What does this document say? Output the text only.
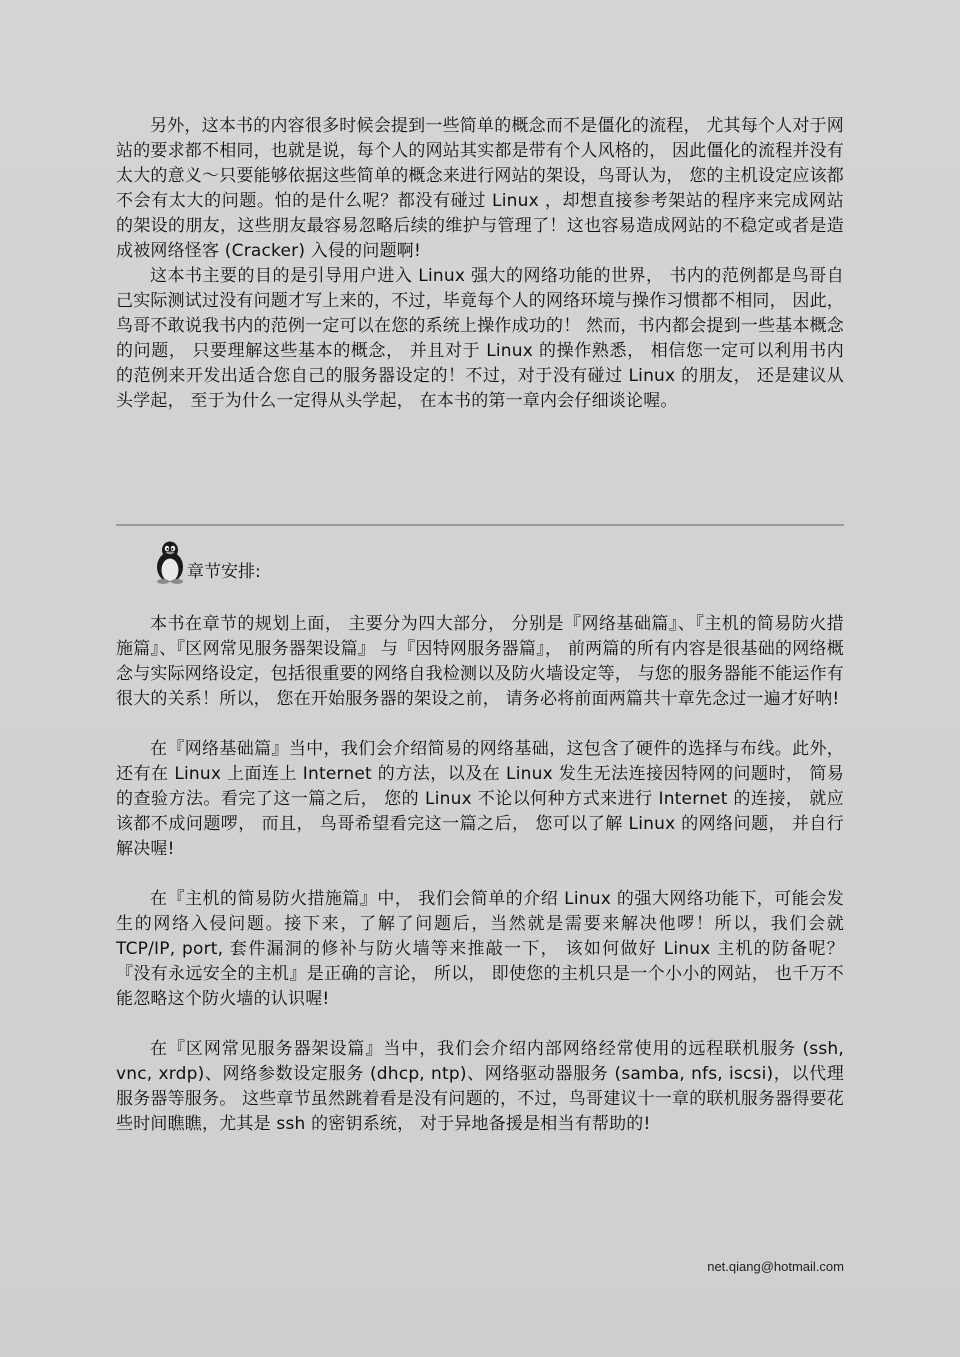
另外，这本书的内容很多时候会提到一些简单的概念而不是僵化的流程， 尤其每个人对于网站的要求都不相同，也就是说，每个人的网站其实都是带有个人风格的， 因此僵化的流程并没有太大的意义～只要能够依据这些简单的概念来进行网站的架设，鸟哥认为， 您的主机设定应该都不会有太大的问题。怕的是什么呢？都没有碰过 Linux ，却想直接参考架站的程序来完成网站的架设的朋友，这些朋友最容易忽略后续的维护与管理了！这也容易造成网站的不稳定或者是造成被网络怪客 (Cracker) 入侵的问题啊!

这本书主要的目的是引导用户进入 Linux 强大的网络功能的世界， 书内的范例都是鸟哥自己实际测试过没有问题才写上来的，不过，毕竟每个人的网络环境与操作习惯都不相同， 因此，鸟哥不敢说我书内的范例一定可以在您的系统上操作成功的！ 然而，书内都会提到一些基本概念的问题， 只要理解这些基本的概念， 并且对于 Linux 的操作熟悉， 相信您一定可以利用书内的范例来开发出适合您自己的服务器设定的！不过，对于没有碰过 Linux 的朋友， 还是建议从头学起， 至于为什么一定得从头学起， 在本书的第一章内会仔细谈论喔。

章节安排:

本书在章节的规划上面， 主要分为四大部分， 分别是『网络基础篇』、『主机的简易防火措施篇』、『区网常见服务器架设篇』 与『因特网服务器篇』， 前两篇的所有内容是很基础的网络概念与实际网络设定，包括很重要的网络自我检测以及防火墙设定等， 与您的服务器能不能运作有很大的关系！所以， 您在开始服务器的架设之前， 请务必将前面两篇共十章先念过一遍才好呐!

在『网络基础篇』当中，我们会介绍简易的网络基础，这包含了硬件的选择与布线。此外，还有在 Linux 上面连上 Internet 的方法，以及在 Linux 发生无法连接因特网的问题时， 简易的查验方法。看完了这一篇之后， 您的 Linux 不论以何种方式来进行 Internet 的连接， 就应该都不成问题啰， 而且， 鸟哥希望看完这一篇之后， 您可以了解 Linux 的网络问题， 并自行解决喔!

在『主机的简易防火措施篇』中， 我们会简单的介绍 Linux 的强大网络功能下，可能会发生的网络入侵问题。接下来，了解了问题后，当然就是需要来解决他啰！所以，我们会就 TCP/IP, port, 套件漏洞的修补与防火墙等来推敲一下， 该如何做好 Linux 主机的防备呢？ 『没有永远安全的主机』是正确的言论， 所以， 即使您的主机只是一个小小的网站， 也千万不能忽略这个防火墙的认识喔!

在『区网常见服务器架设篇』当中，我们会介绍内部网络经常使用的远程联机服务 (ssh, vnc, xrdp)、网络参数设定服务 (dhcp, ntp)、网络驱动器服务 (samba, nfs, iscsi)，以代理服务器等服务。 这些章节虽然跳着看是没有问题的，不过，鸟哥建议十一章的联机服务器得要花些时间瞧瞧，尤其是 ssh 的密钥系统， 对于异地备援是相当有帮助的!

net.qiang@hotmail.com
